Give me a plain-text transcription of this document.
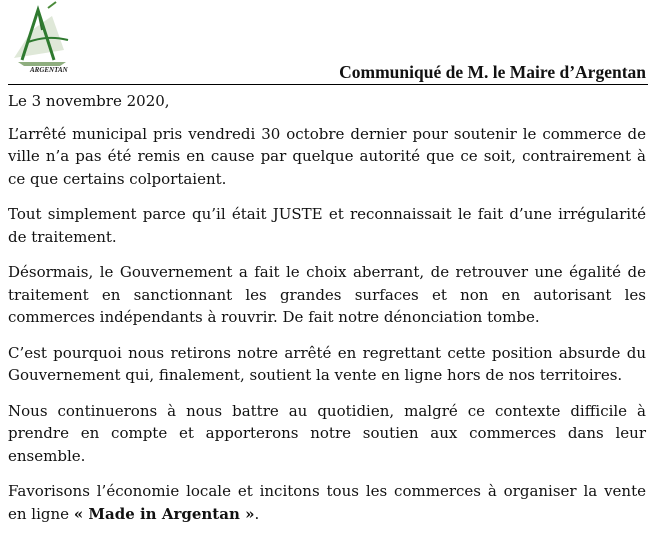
ARGENTAN	Communiqué de M. le Maire d’Argentan

Le 3 novembre 2020,

L’arrêté municipal pris vendredi 30 octobre dernier pour soutenir le commerce de ville n’a pas été remis en cause par quelque autorité que ce soit, contrairement à ce que certains colportaient.

Tout simplement parce qu’il était JUSTE et reconnaissait le fait d’une irrégularité de traitement.

Désormais, le Gouvernement a fait le choix aberrant, de retrouver une égalité de traitement en sanctionnant les grandes surfaces et non en autorisant les commerces indépendants à rouvrir. De fait notre dénonciation tombe.

C’est pourquoi nous retirons notre arrêté en regrettant cette position absurde du Gouvernement qui, finalement, soutient la vente en ligne hors de nos territoires.

Nous continuerons à nous battre au quotidien, malgré ce contexte difficile à prendre en compte et apporterons notre soutien aux commerces dans leur ensemble.

Favorisons l’économie locale et incitons tous les commerces à organiser la vente en ligne « Made in Argentan ».
